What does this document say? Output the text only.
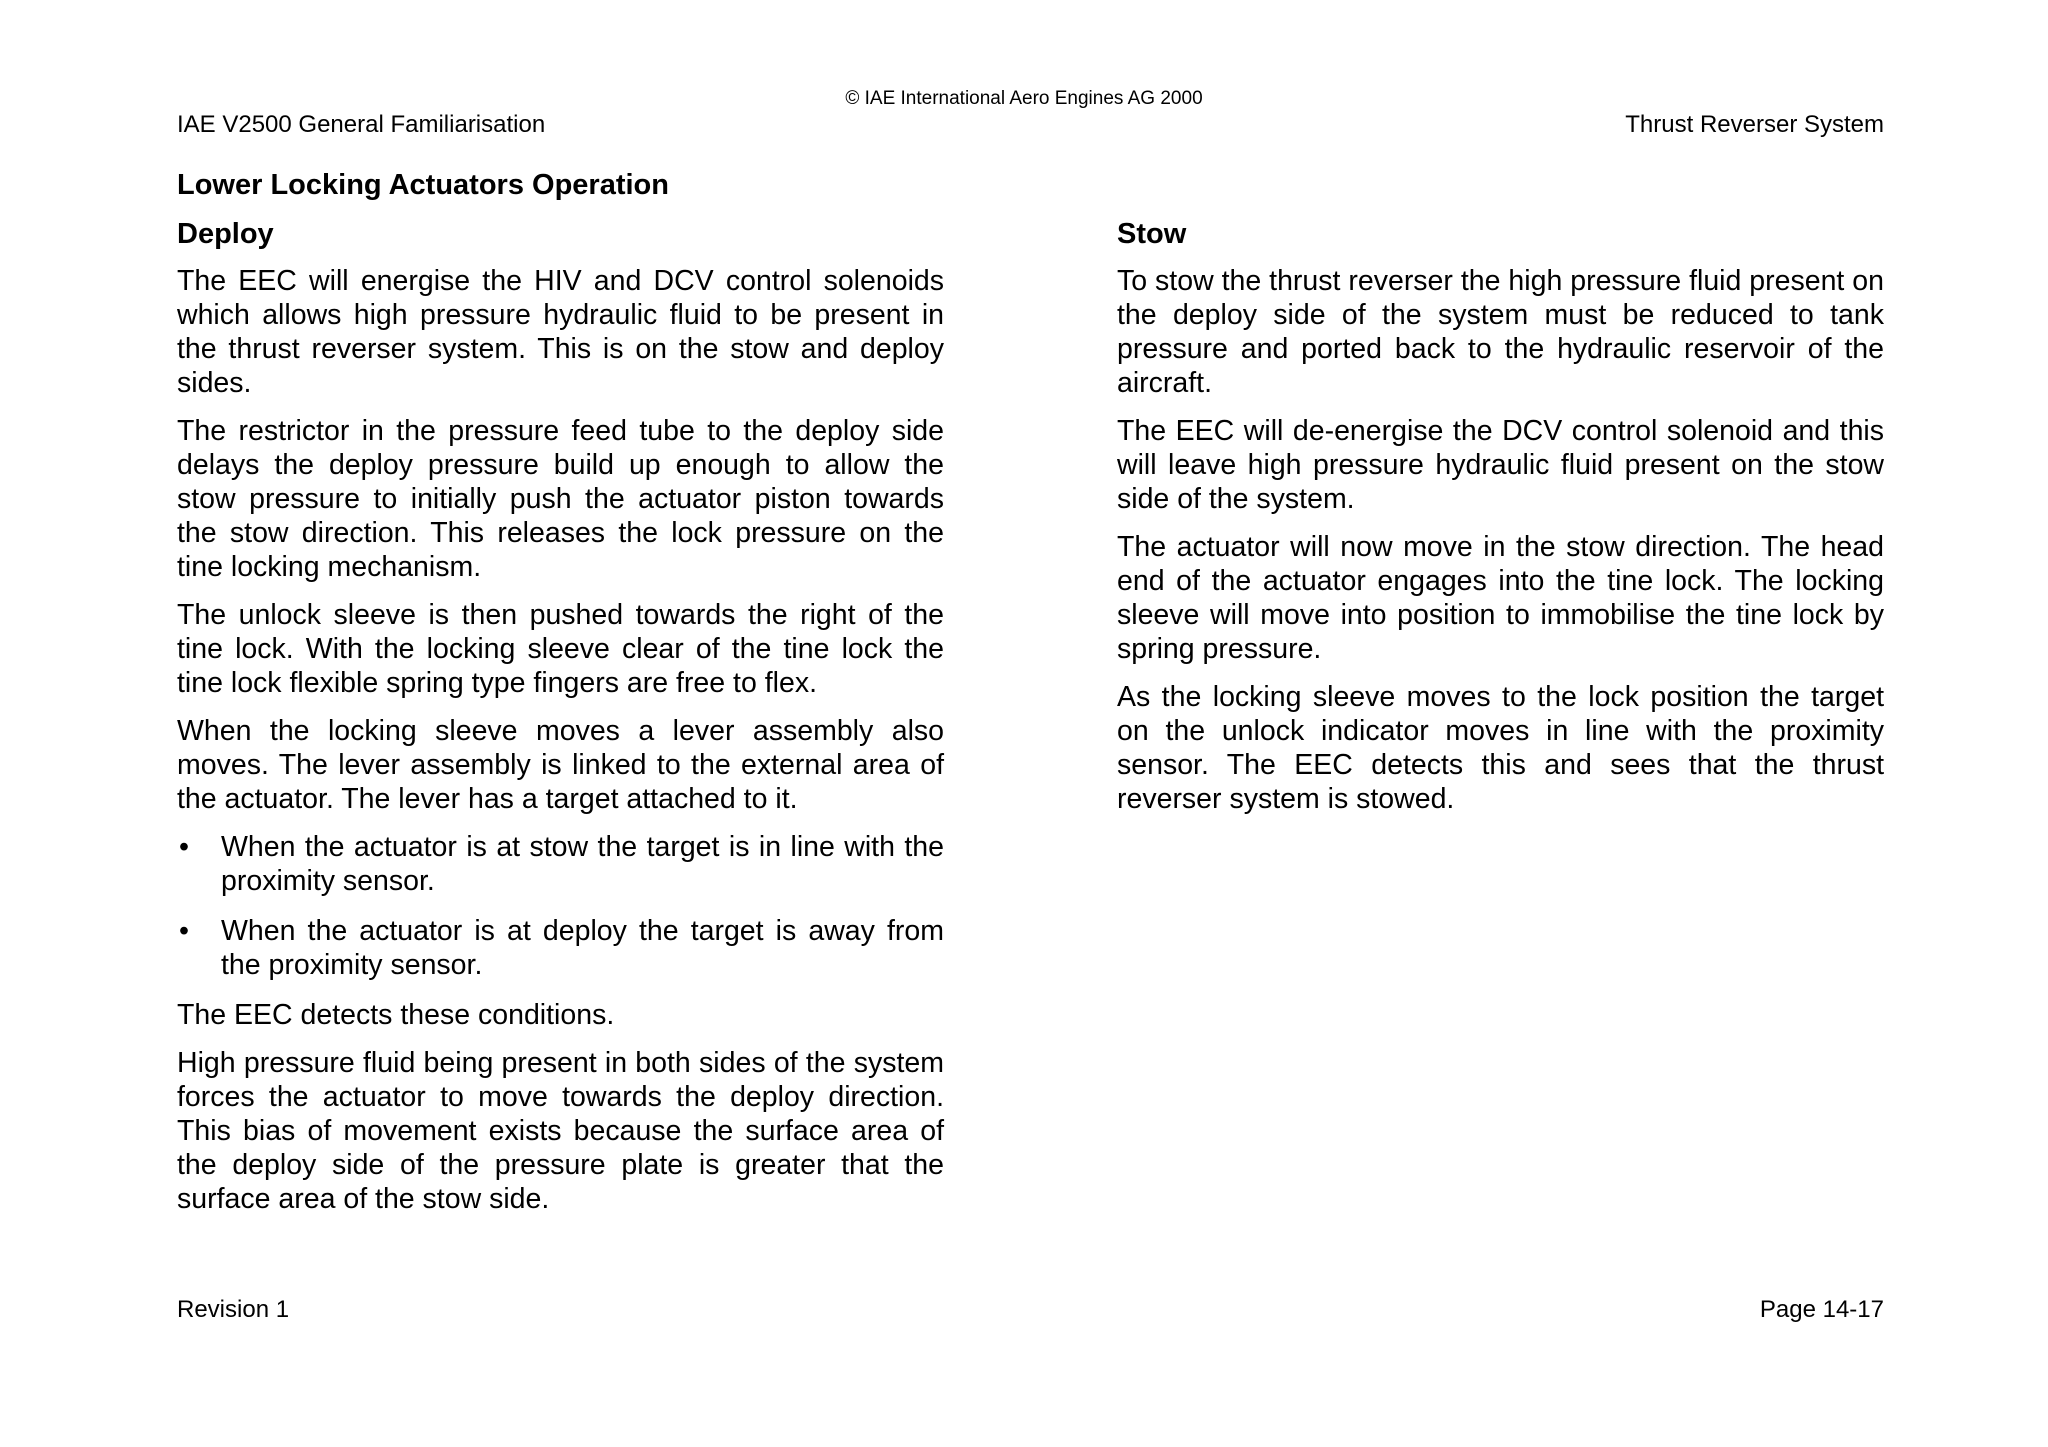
© IAE International Aero Engines AG 2000
IAE V2500 General Familiarisation	Thrust Reverser System
Lower Locking Actuators Operation
Deploy

The EEC will energise the HIV and DCV control solenoids which allows high pressure hydraulic fluid to be present in the thrust reverser system. This is on the stow and deploy sides.

The restrictor in the pressure feed tube to the deploy side delays the deploy pressure build up enough to allow the stow pressure to initially push the actuator piston towards the stow direction. This releases the lock pressure on the tine locking mechanism.

The unlock sleeve is then pushed towards the right of the tine lock. With the locking sleeve clear of the tine lock the tine lock flexible spring type fingers are free to flex.

When the locking sleeve moves a lever assembly also moves. The lever assembly is linked to the external area of the actuator. The lever has a target attached to it.

• When the actuator is at stow the target is in line with the proximity sensor.
• When the actuator is at deploy the target is away from the proximity sensor.

The EEC detects these conditions.

High pressure fluid being present in both sides of the system forces the actuator to move towards the deploy direction. This bias of movement exists because the surface area of the deploy side of the pressure plate is greater that the surface area of the stow side.

Stow

To stow the thrust reverser the high pressure fluid present on the deploy side of the system must be reduced to tank pressure and ported back to the hydraulic reservoir of the aircraft.

The EEC will de-energise the DCV control solenoid and this will leave high pressure hydraulic fluid present on the stow side of the system.

The actuator will now move in the stow direction. The head end of the actuator engages into the tine lock. The locking sleeve will move into position to immobilise the tine lock by spring pressure.

As the locking sleeve moves to the lock position the target on the unlock indicator moves in line with the proximity sensor. The EEC detects this and sees that the thrust reverser system is stowed.

Revision 1	Page 14-17
